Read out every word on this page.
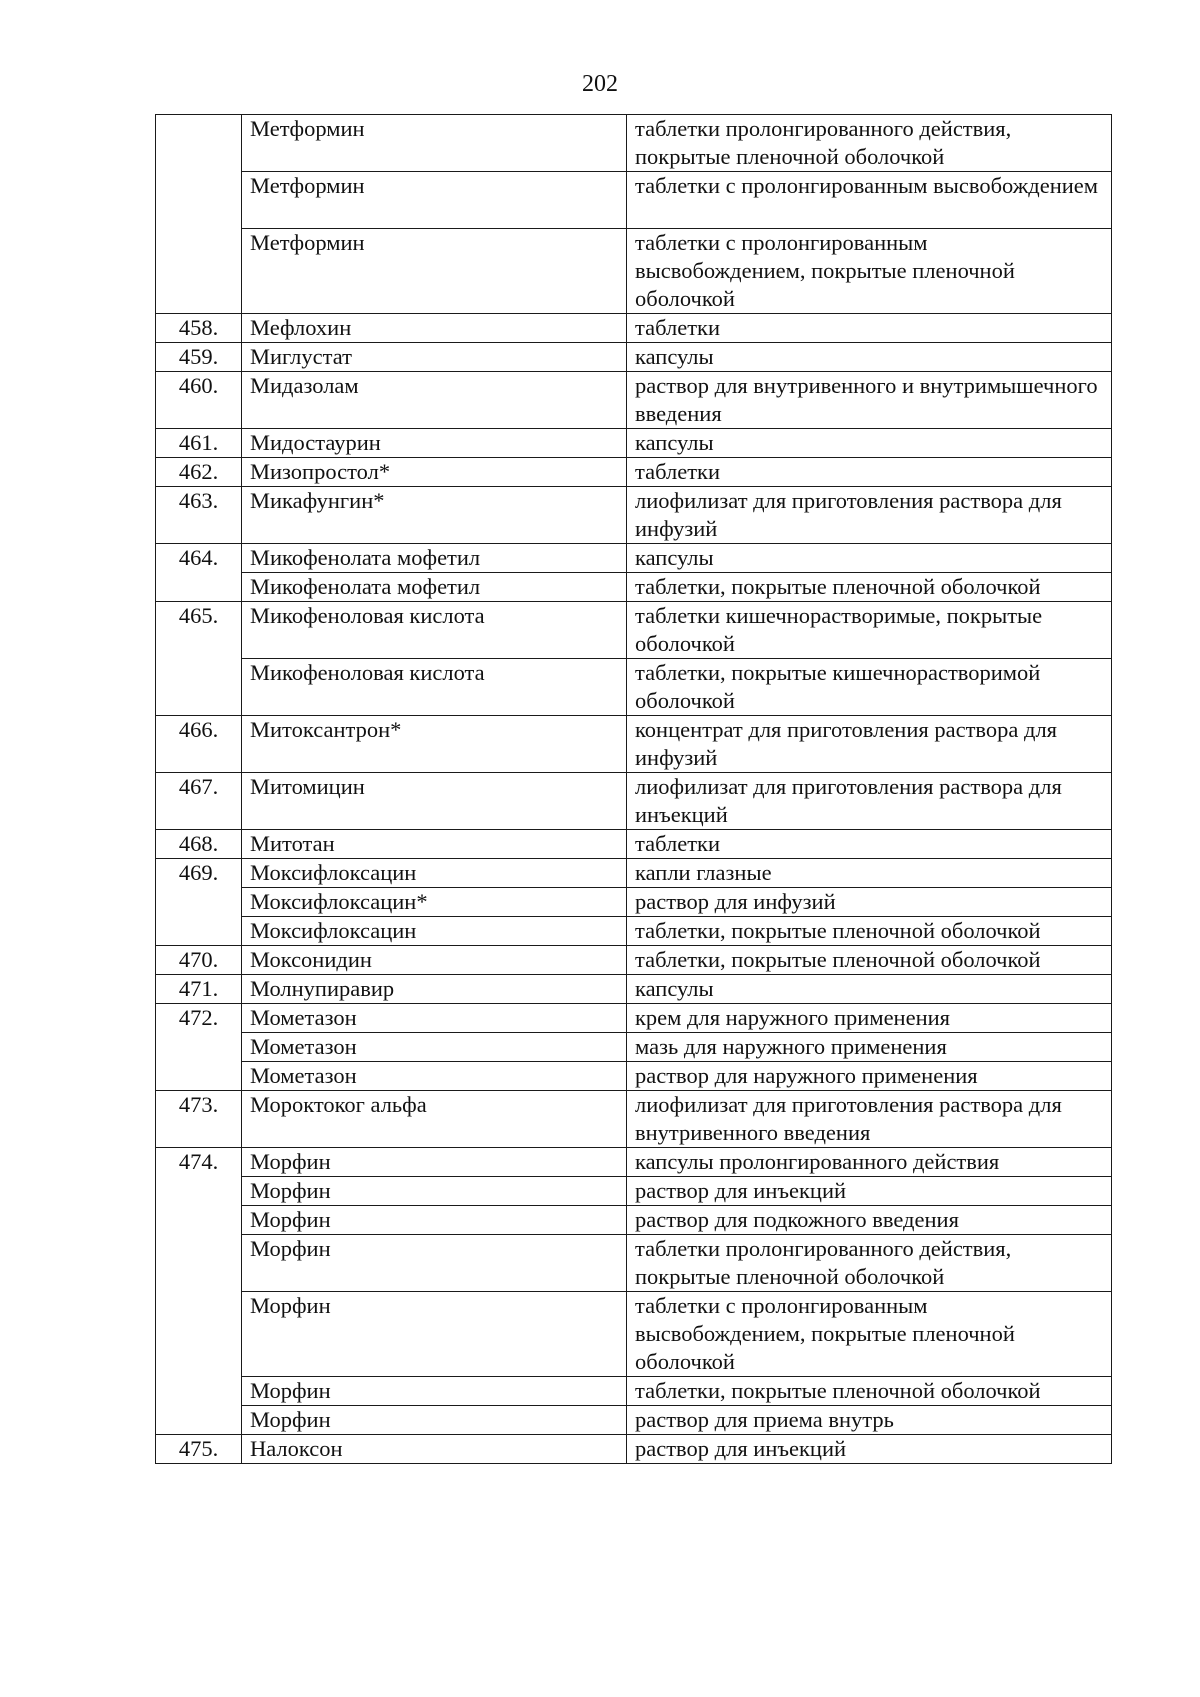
202
	Метформин	таблетки пролонгированного действия, покрытые пленочной оболочкой
	Метформин	таблетки с пролонгированным высвобождением
	Метформин	таблетки с пролонгированным высвобождением, покрытые пленочной оболочкой
458.	Мефлохин	таблетки
459.	Миглустат	капсулы
460.	Мидазолам	раствор для внутривенного и внутримышечного введения
461.	Мидостаурин	капсулы
462.	Мизопростол*	таблетки
463.	Микафунгин*	лиофилизат для приготовления раствора для инфузий
464.	Микофенолата мофетил	капсулы
	Микофенолата мофетил	таблетки, покрытые пленочной оболочкой
465.	Микофеноловая кислота	таблетки кишечнорастворимые, покрытые оболочкой
	Микофеноловая кислота	таблетки, покрытые кишечнорастворимой оболочкой
466.	Митоксантрон*	концентрат для приготовления раствора для инфузий
467.	Митомицин	лиофилизат для приготовления раствора для инъекций
468.	Митотан	таблетки
469.	Моксифлоксацин	капли глазные
	Моксифлоксацин*	раствор для инфузий
	Моксифлоксацин	таблетки, покрытые пленочной оболочкой
470.	Моксонидин	таблетки, покрытые пленочной оболочкой
471.	Молнупиравир	капсулы
472.	Мометазон	крем для наружного применения
	Мометазон	мазь для наружного применения
	Мометазон	раствор для наружного применения
473.	Мороктоког альфа	лиофилизат для приготовления раствора для внутривенного введения
474.	Морфин	капсулы пролонгированного действия
	Морфин	раствор для инъекций
	Морфин	раствор для подкожного введения
	Морфин	таблетки пролонгированного действия, покрытые пленочной оболочкой
	Морфин	таблетки с пролонгированным высвобождением, покрытые пленочной оболочкой
	Морфин	таблетки, покрытые пленочной оболочкой
	Морфин	раствор для приема внутрь
475.	Налоксон	раствор для инъекций
